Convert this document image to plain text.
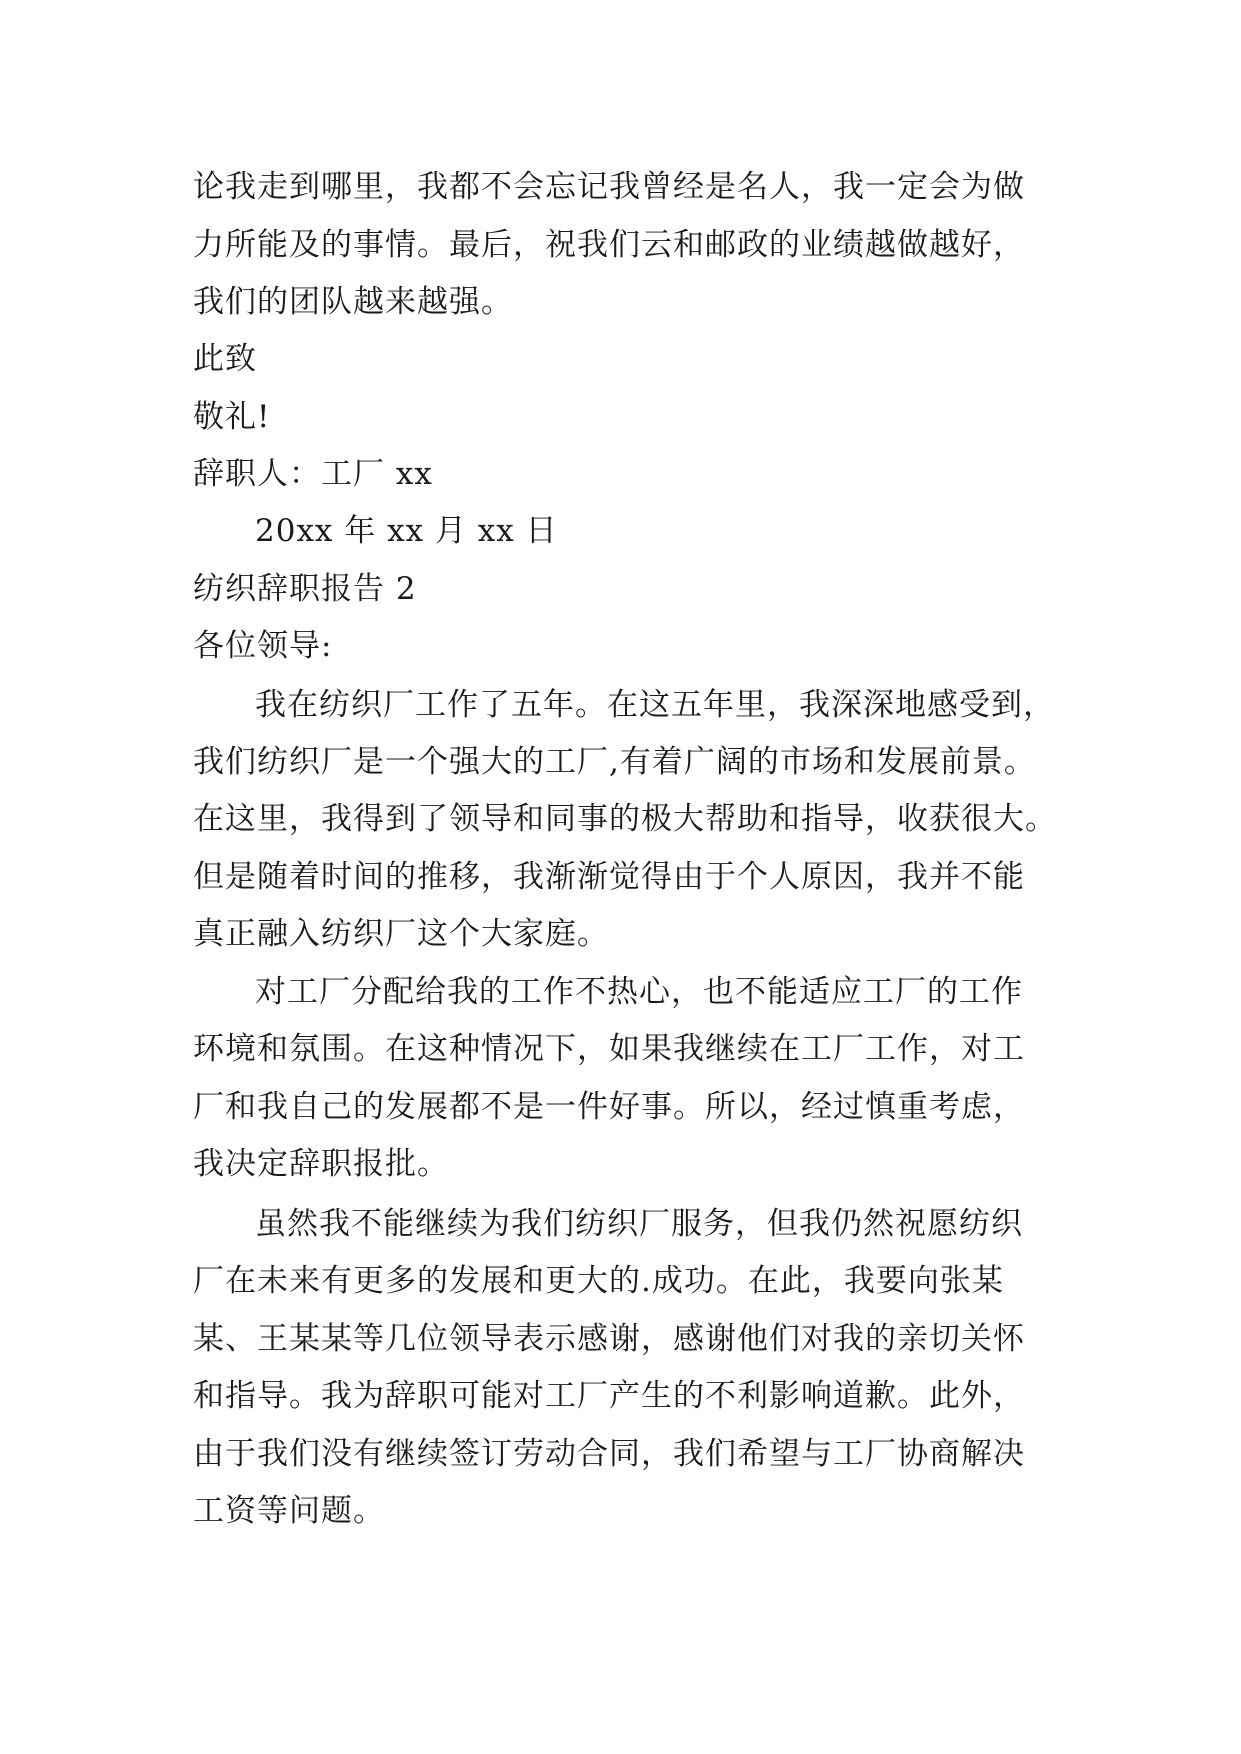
论我走到哪里，我都不会忘记我曾经是名人，我一定会为做
力所能及的事情。最后，祝我们云和邮政的业绩越做越好，
我们的团队越来越强。
此致
敬礼!
辞职人：工厂 xx
20xx 年 xx 月 xx 日
纺织辞职报告 2
各位领导:
我在纺织厂工作了五年。在这五年里，我深深地感受到，
我们纺织厂是一个强大的工厂,有着广阔的市场和发展前景。
在这里，我得到了领导和同事的极大帮助和指导，收获很大。
但是随着时间的推移，我渐渐觉得由于个人原因，我并不能
真正融入纺织厂这个大家庭。
对工厂分配给我的工作不热心，也不能适应工厂的工作
环境和氛围。在这种情况下，如果我继续在工厂工作，对工
厂和我自己的发展都不是一件好事。所以，经过慎重考虑，
我决定辞职报批。
虽然我不能继续为我们纺织厂服务，但我仍然祝愿纺织
厂在未来有更多的发展和更大的.成功。在此，我要向张某
某、王某某等几位领导表示感谢，感谢他们对我的亲切关怀
和指导。我为辞职可能对工厂产生的不利影响道歉。此外，
由于我们没有继续签订劳动合同，我们希望与工厂协商解决
工资等问题。
